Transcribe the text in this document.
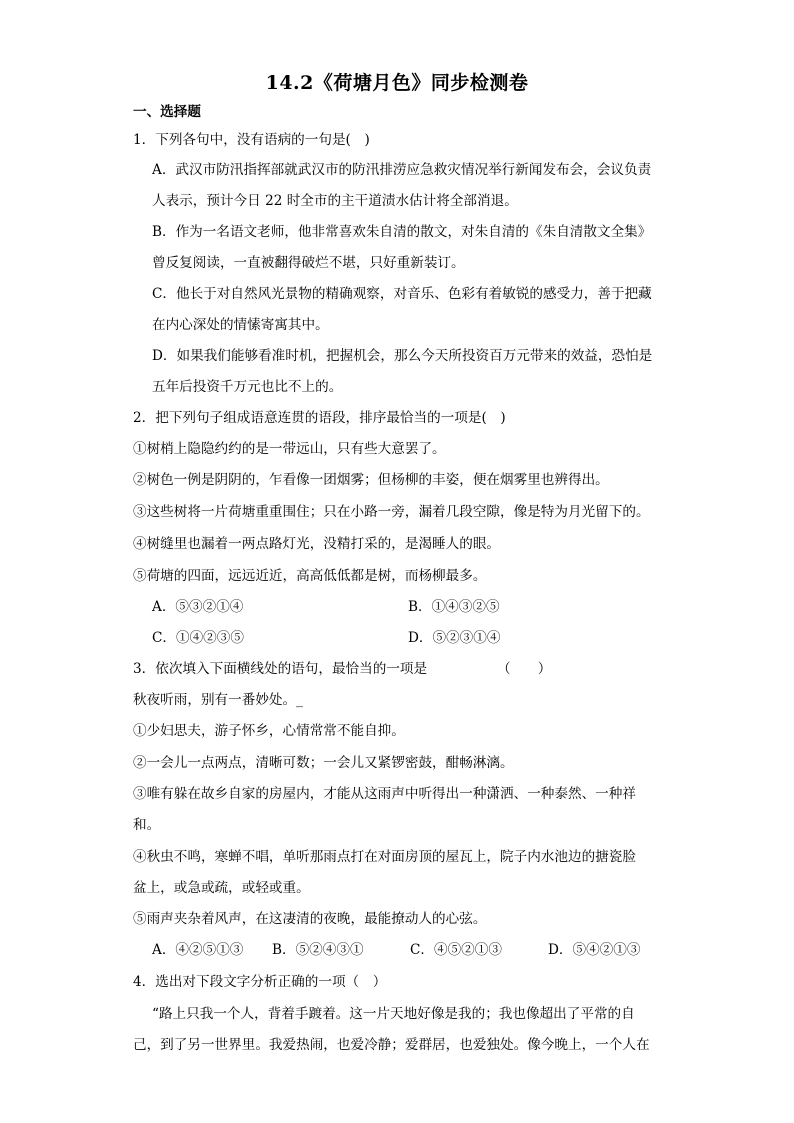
14.2《荷塘月色》同步检测卷
一、选择题
1．下列各句中，没有语病的一句是(　)
A．武汉市防汛指挥部就武汉市的防汛排涝应急救灾情况举行新闻发布会，会议负责
人表示，预计今日 22 时全市的主干道渍水估计将全部消退。
B．作为一名语文老师，他非常喜欢朱自清的散文，对朱自清的《朱自清散文全集》
曾反复阅读，一直被翻得破烂不堪，只好重新装订。
C．他长于对自然风光景物的精确观察，对音乐、色彩有着敏锐的感受力，善于把藏
在内心深处的情愫寄寓其中。
D．如果我们能够看准时机，把握机会，那么今天所投资百万元带来的效益，恐怕是
五年后投资千万元也比不上的。
2．把下列句子组成语意连贯的语段，排序最恰当的一项是(　)
①树梢上隐隐约约的是一带远山，只有些大意罢了。
②树色一例是阴阴的，乍看像一团烟雾；但杨柳的丰姿，便在烟雾里也辨得出。
③这些树将一片荷塘重重围住；只在小路一旁，漏着几段空隙，像是特为月光留下的。
④树缝里也漏着一两点路灯光，没精打采的，是渴睡人的眼。
⑤荷塘的四面，远远近近，高高低低都是树，而杨柳最多。
A．⑤③②①④	B．①④③②⑤
C．①④②③⑤	D．⑤②③①④
3．依次填入下面横线处的语句，最恰当的一项是	（　　）
秋夜听雨，别有一番妙处。_
①少妇思夫，游子怀乡，心情常常不能自抑。
②一会儿一点两点，清晰可数；一会儿又紧锣密鼓，酣畅淋漓。
③唯有躲在故乡自家的房屋内，才能从这雨声中听得出一种潇洒、一种泰然、一种祥
和。
④秋虫不鸣，寒蝉不唱，单听那雨点打在对面房顶的屋瓦上，院子内水池边的搪瓷脸
盆上，或急或疏，或轻或重。
⑤雨声夹杂着风声，在这凄清的夜晚，最能撩动人的心弦。
A．④②⑤①③ B．⑤②④③①	C．④⑤②①③	D．⑤④②①③
4．选出对下段文字分析正确的一项（　）
“路上只我一个人，背着手踱着。这一片天地好像是我的；我也像超出了平常的自
己，到了另一世界里。我爱热闹，也爱冷静；爱群居，也爱独处。像今晚上，一个人在
